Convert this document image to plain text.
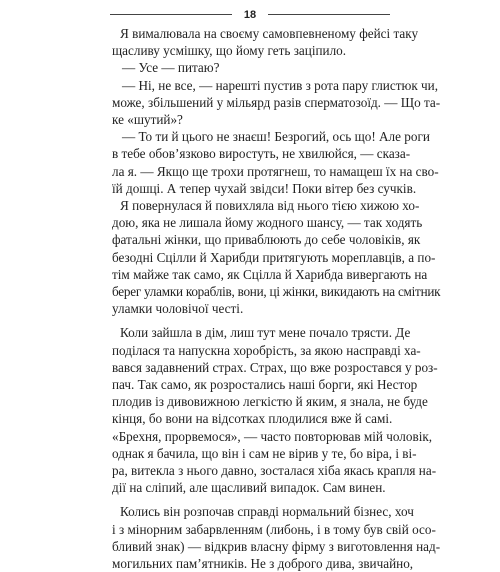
18

Я вималювала на своєму самовпевненому фейсі таку

щасливу усмішку, що йому геть заціпило.

— Усе — питаю?

— Ні, не все, — нарешті пустив з рота пару глистюк чи,

може, збільшений у мільярд разів сперматозоїд. — Що та-

ке «шутий»?

— То ти й цього не знаєш! Безрогий, ось що! Але роги

в тебе обов’язково виростуть, не хвилюйся, — сказа-

ла я. — Якщо ще трохи протягнеш, то намащеш їх на сво-

їй дошці. А тепер чухай звідси! Поки вітер без сучків.

Я повернулася й повихляла від нього тією хижою хо-

дою, яка не лишала йому жодного шансу, — так ходять

фатальні жінки, що приваблюють до себе чоловіків, як

безодні Сцілли й Харибди притягують мореплавців, а по-

тім майже так само, як Сцілла й Харибда вивергають на

берег уламки кораблів, вони, ці жінки, викидають на смітник

уламки чоловічої честі.

Коли зайшла в дім, лиш тут мене почало трясти. Де

поділася та напускна хоробрість, за якою насправді ха-

вався задавнений страх. Страх, що вже розростався у роз-

пач. Так само, як розростались наші борги, які Нестор

плодив із дивовижною легкістю й яким, я знала, не буде

кінця, бо вони на відсотках плодилися вже й самі.

«Брехня, прорвемося», — часто повторював мій чоловік,

однак я бачила, що він і сам не вірив у те, бо віра, і ві-

ра, витекла з нього давно, зосталася хіба якась крапля на-

дії на сліпий, але щасливий випадок. Сам винен.

Колись він розпочав справді нормальний бізнес, хоч

і з мінорним забарвленням (либонь, і в тому був свій осо-

бливий знак) — відкрив власну фірму з виготовлення над-

могильних пам’ятників. Не з доброго дива, звичайно,
